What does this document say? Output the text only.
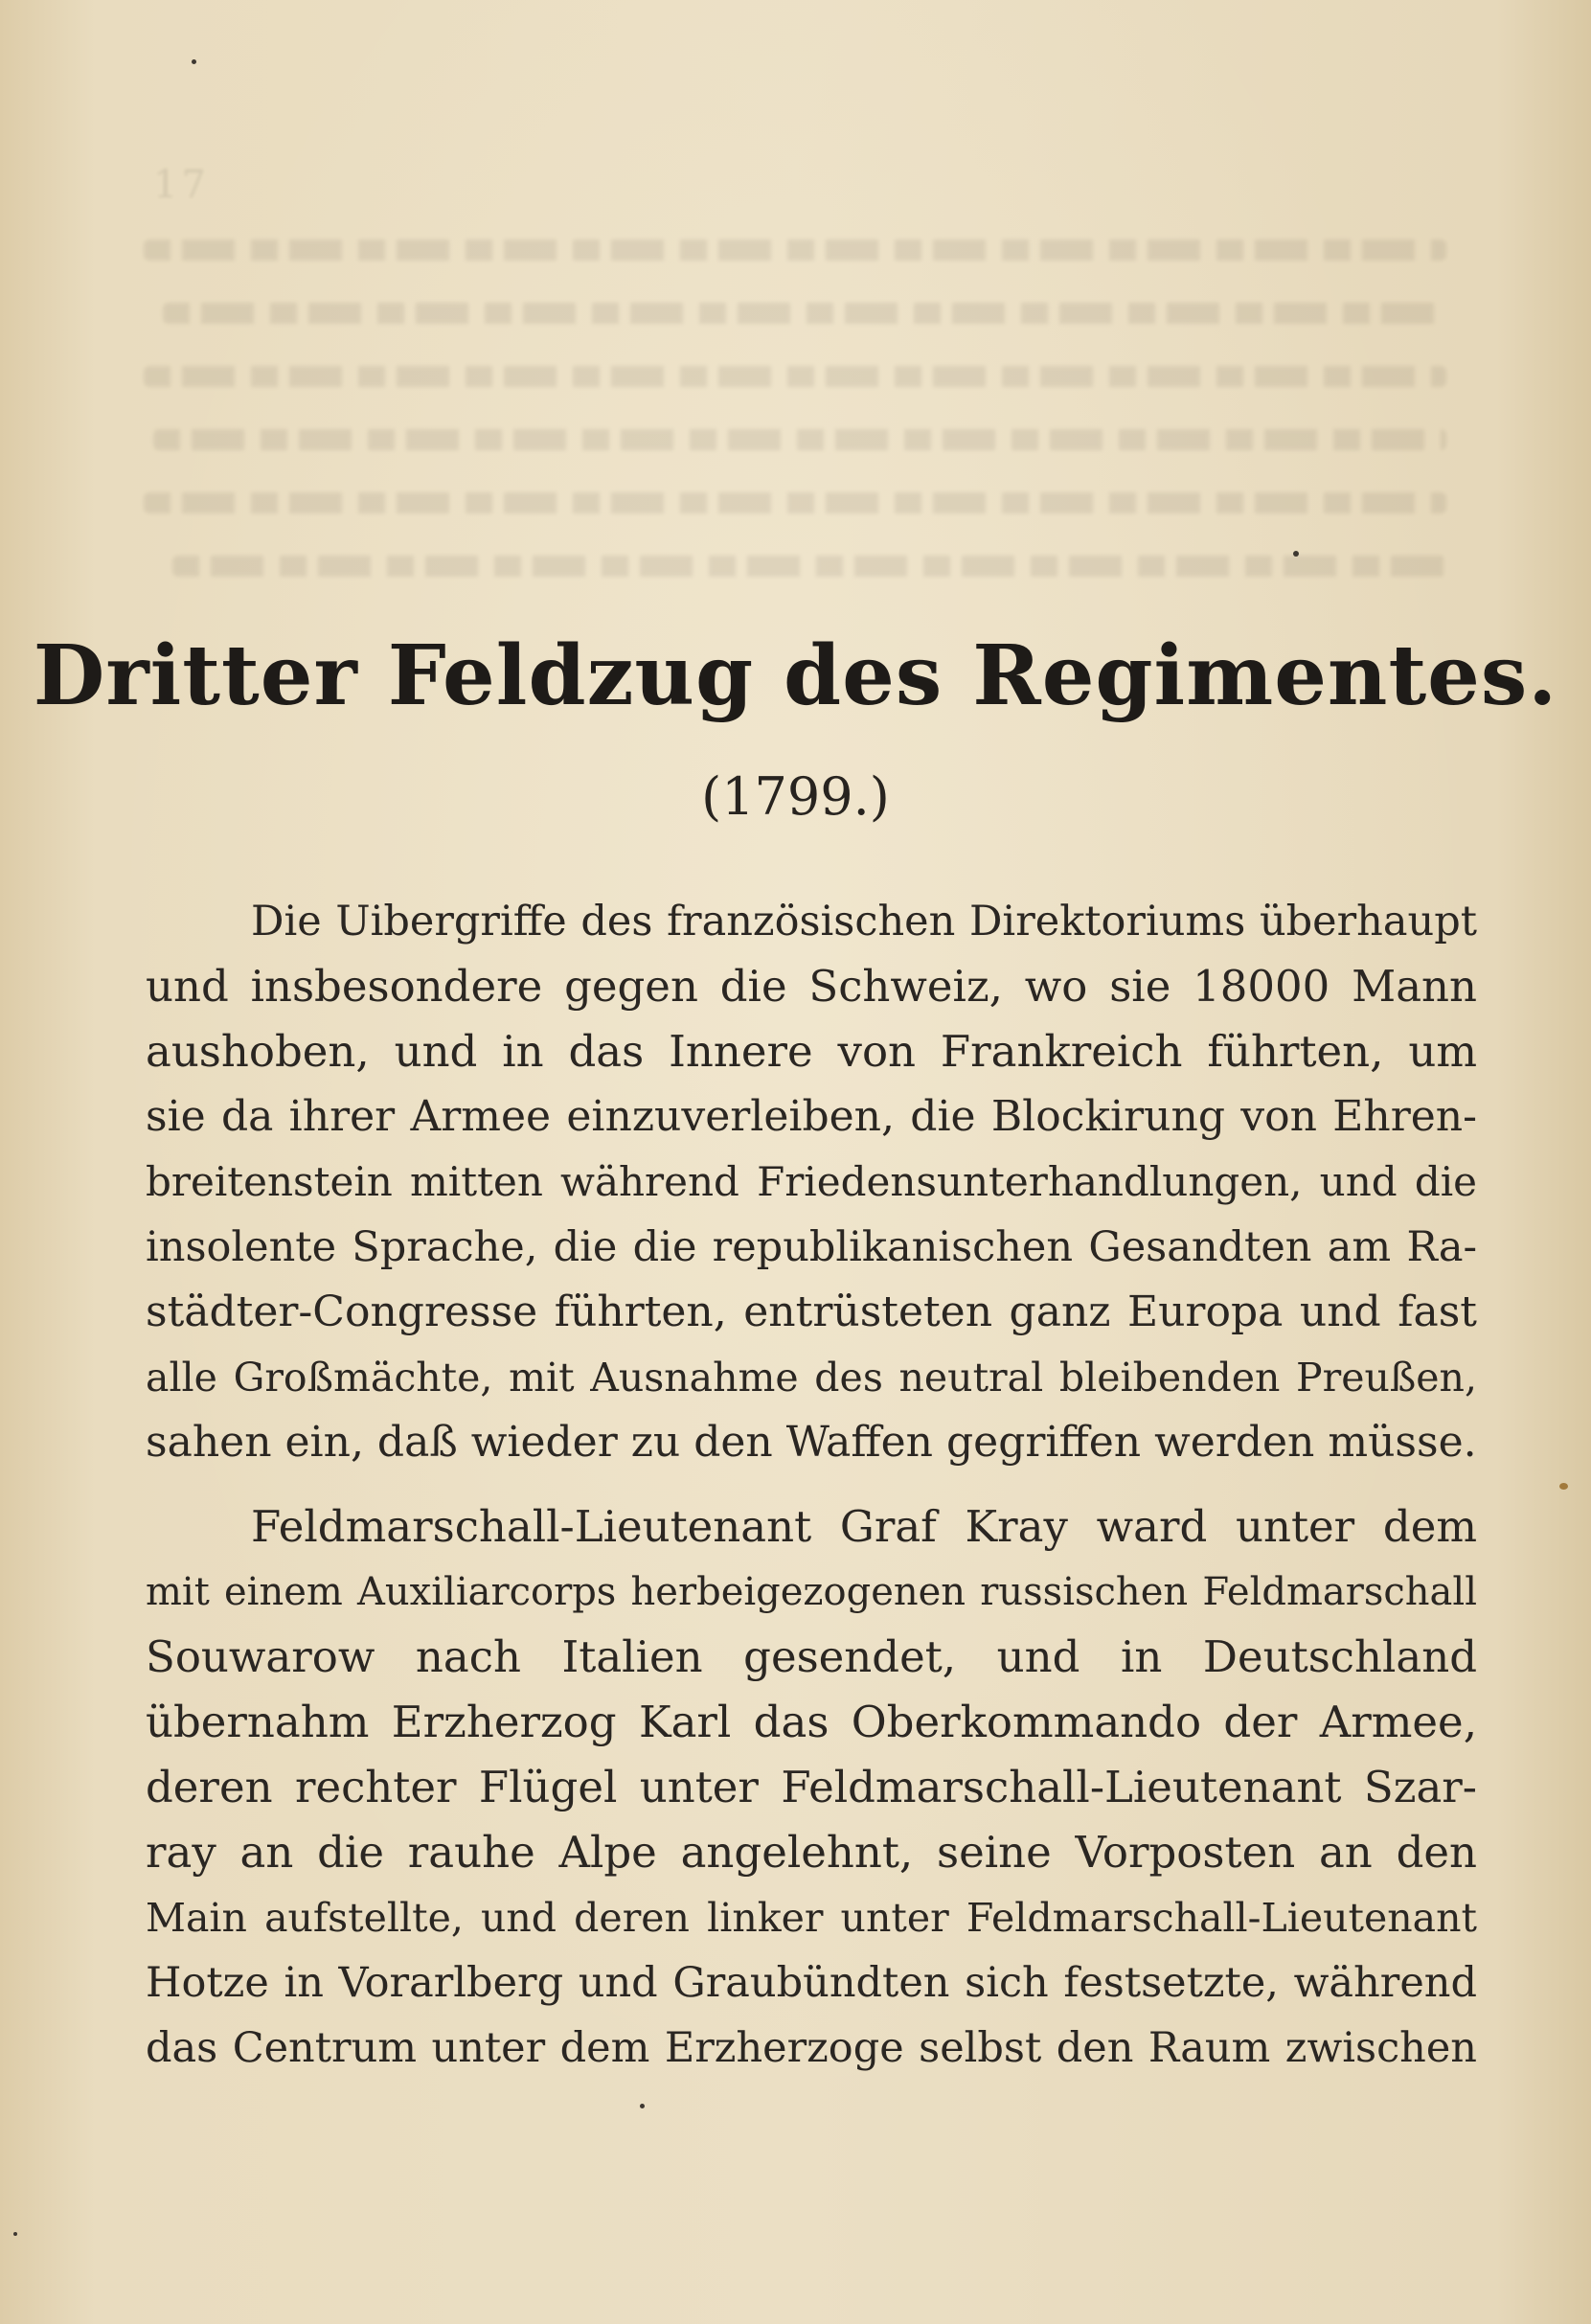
17
Dritter Feldzug des Regimentes.
(1799.)
Die Uibergriffe des französischen Direktoriums überhaupt
und insbesondere gegen die Schweiz, wo sie 18000 Mann
aushoben, und in das Innere von Frankreich führten, um
sie da ihrer Armee einzuverleiben, die Blockirung von Ehren-
breitenstein mitten während Friedensunterhandlungen, und die
insolente Sprache, die die republikanischen Gesandten am Ra-
städter-Congresse führten, entrüsteten ganz Europa und fast
alle Großmächte, mit Ausnahme des neutral bleibenden Preußen,
sahen ein, daß wieder zu den Waffen gegriffen werden müsse.
Feldmarschall-Lieutenant Graf Kray ward unter dem
mit einem Auxiliarcorps herbeigezogenen russischen Feldmarschall
Souwarow nach Italien gesendet, und in Deutschland
übernahm Erzherzog Karl das Oberkommando der Armee,
deren rechter Flügel unter Feldmarschall-Lieutenant Szar-
ray an die rauhe Alpe angelehnt, seine Vorposten an den
Main aufstellte, und deren linker unter Feldmarschall-Lieutenant
Hotze in Vorarlberg und Graubündten sich festsetzte, während
das Centrum unter dem Erzherzoge selbst den Raum zwischen
